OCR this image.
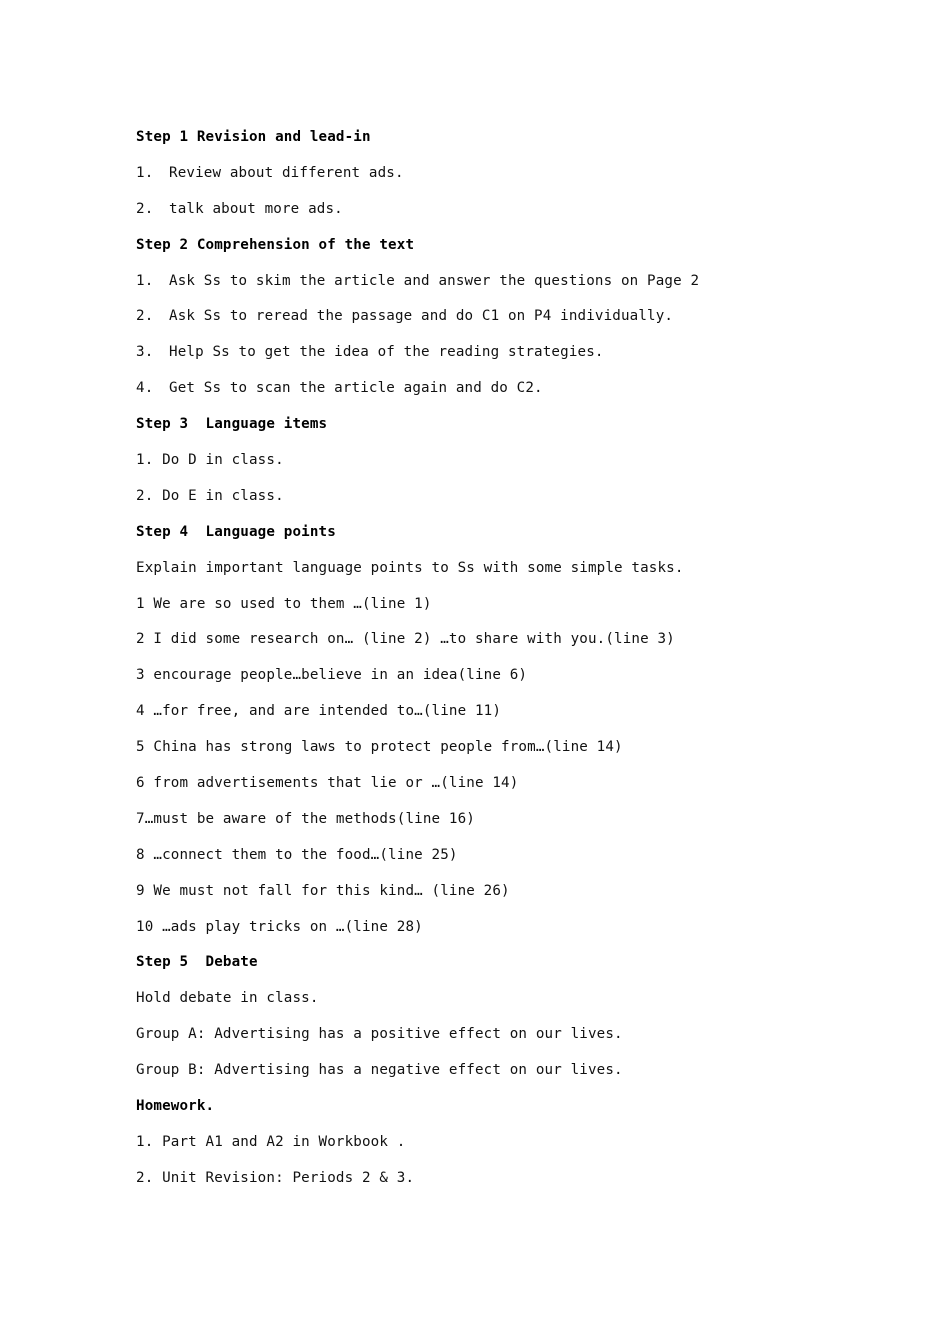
Step 1 Revision and lead-in
1. Review about different ads.
2. talk about more ads.
Step 2 Comprehension of the text
1. Ask Ss to skim the article and answer the questions on Page 2
2. Ask Ss to reread the passage and do C1 on P4 individually.
3. Help Ss to get the idea of the reading strategies.
4. Get Ss to scan the article again and do C2.
Step 3  Language items
1. Do D in class.
2. Do E in class.
Step 4  Language points
Explain important language points to Ss with some simple tasks.
1 We are so used to them …(line 1)
2 I did some research on… (line 2) …to share with you.(line 3)
3 encourage people…believe in an idea(line 6)
4 …for free, and are intended to…(line 11)
5 China has strong laws to protect people from…(line 14)
6 from advertisements that lie or …(line 14)
7…must be aware of the methods(line 16)
8 …connect them to the food…(line 25)
9 We must not fall for this kind… (line 26)
10 …ads play tricks on …(line 28)
Step 5  Debate
Hold debate in class.
Group A: Advertising has a positive effect on our lives.
Group B: Advertising has a negative effect on our lives.
Homework.
1. Part A1 and A2 in Workbook .
2. Unit Revision: Periods 2 & 3.
